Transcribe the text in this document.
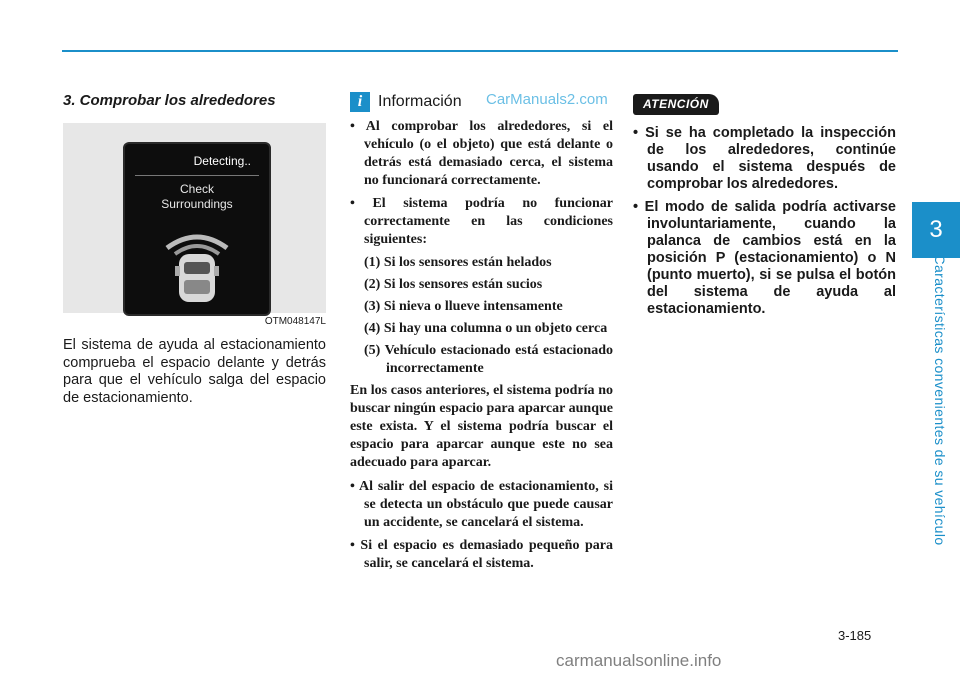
3
Características convenientes de su vehículo
3. Comprobar los alrededores
Detecting..
Check
Surroundings
OTM048147L
El sistema de ayuda al estacionamiento comprueba el espacio delante y detrás para que el vehículo salga del espacio de estacionamiento.
CarManuals2.com
i Información

• Al comprobar los alrededores, si el vehículo (o el objeto) que está delante o detrás está demasiado cerca, el sistema no funcionará correctamente.

• El sistema podría no funcionar correctamente en las condiciones siguientes:

(1) Si los sensores están helados

(2) Si los sensores están sucios

(3) Si nieva o llueve intensamente

(4) Si hay una columna o un objeto cerca

(5) Vehículo estacionado está estacionado incorrectamente

En los casos anteriores, el sistema podría no buscar ningún espacio para aparcar aunque este exista. Y el sistema podría buscar el espacio para aparcar aunque este no sea adecuado para aparcar.

• Al salir del espacio de estacionamiento, si se detecta un obstáculo que puede causar un accidente, se cancelará el sistema.

• Si el espacio es demasiado pequeño para salir, se cancelará el sistema.

ATENCIÓN

• Si se ha completado la inspección de los alrededores, continúe usando el sistema después de comprobar los alrededores.

• El modo de salida podría activarse involuntariamente, cuando la palanca de cambios está en la posición P (estacionamiento) o N (punto muerto), si se pulsa el botón del sistema de ayuda al estacionamiento.

3-185
carmanualsonline.info
